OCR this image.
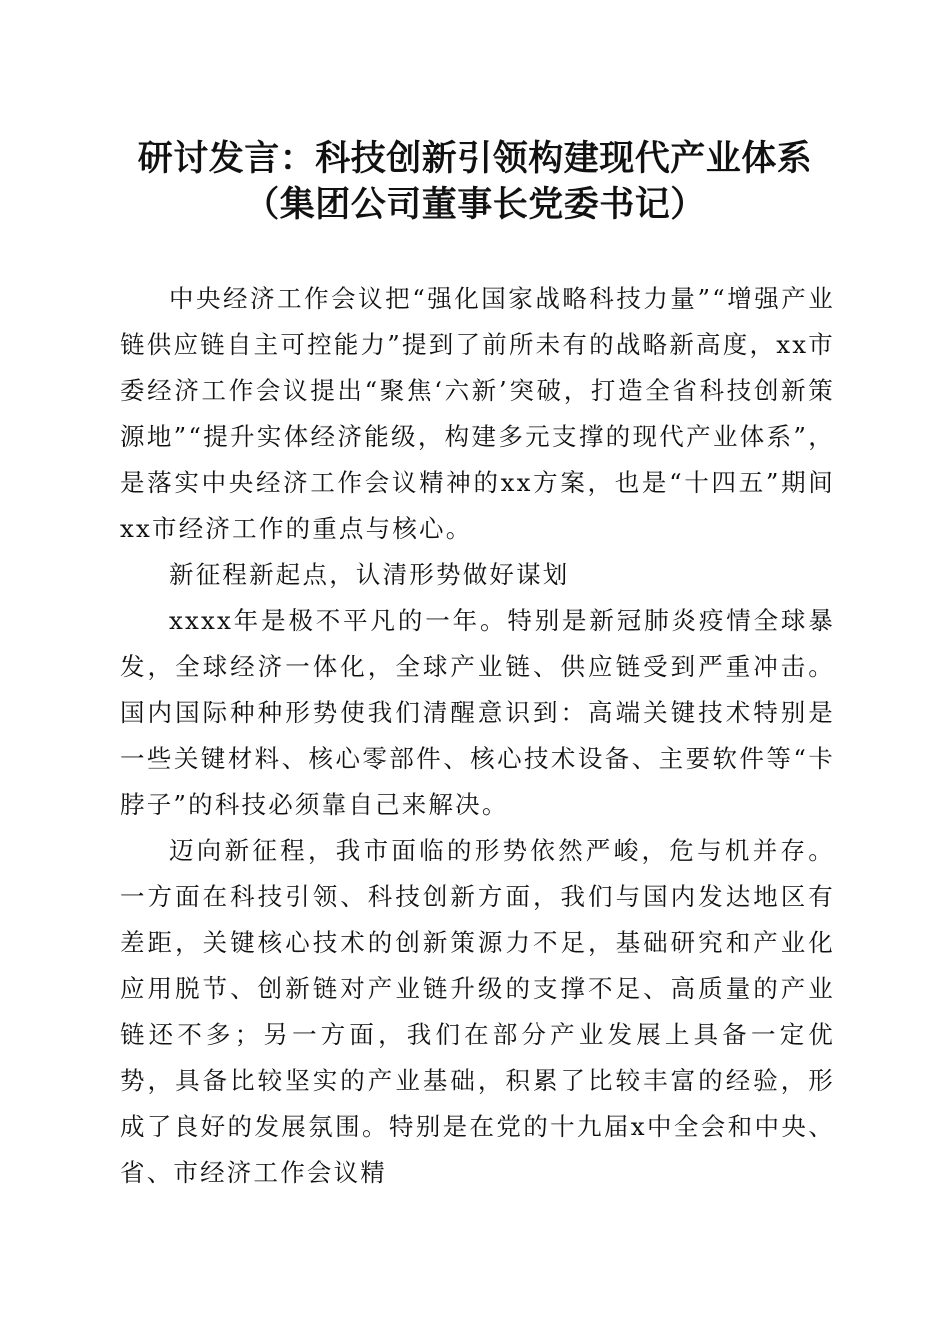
研讨发言：科技创新引领构建现代产业体系
（集团公司董事长党委书记）

中央经济工作会议把“强化国家战略科技力量”“增强产业链供应链自主可控能力”提到了前所未有的战略新高度，xx市委经济工作会议提出“聚焦‘六新’突破，打造全省科技创新策源地”“提升实体经济能级，构建多元支撑的现代产业体系”，是落实中央经济工作会议精神的xx方案，也是“十四五”期间xx市经济工作的重点与核心。

新征程新起点，认清形势做好谋划

xxxx年是极不平凡的一年。特别是新冠肺炎疫情全球暴发，全球经济一体化，全球产业链、供应链受到严重冲击。国内国际种种形势使我们清醒意识到：高端关键技术特别是一些关键材料、核心零部件、核心技术设备、主要软件等“卡脖子”的科技必须靠自己来解决。

迈向新征程，我市面临的形势依然严峻，危与机并存。一方面在科技引领、科技创新方面，我们与国内发达地区有差距，关键核心技术的创新策源力不足，基础研究和产业化应用脱节、创新链对产业链升级的支撑不足、高质量的产业链还不多；另一方面，我们在部分产业发展上具备一定优势，具备比较坚实的产业基础，积累了比较丰富的经验，形成了良好的发展氛围。特别是在党的十九届x中全会和中央、省、市经济工作会议精
